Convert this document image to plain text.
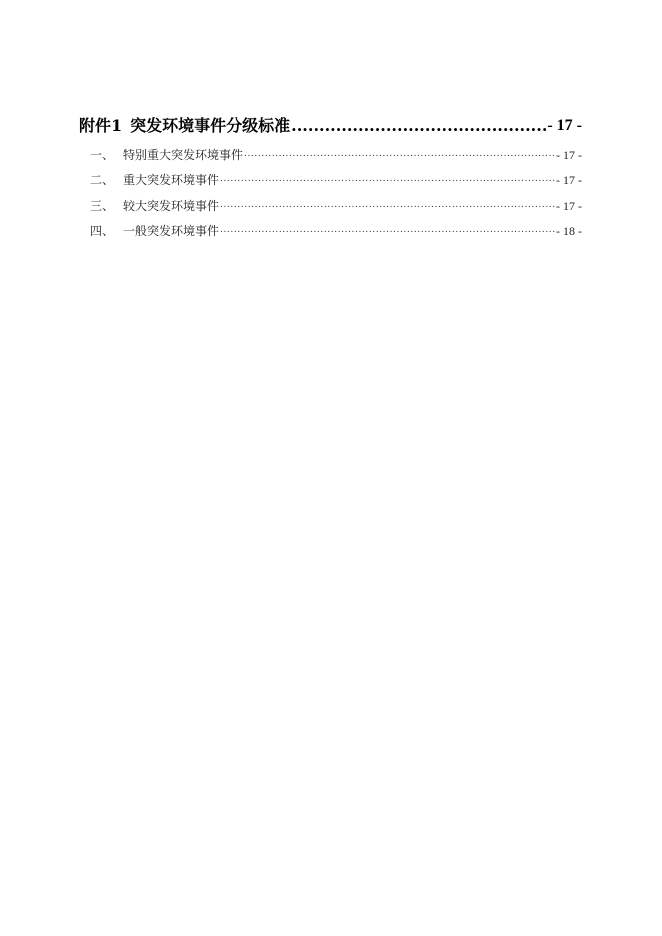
附件1 突发环境事件分级标准 .....	- 17 -
一、 特别重大突发环境事件 .....	- 17 -
二、 重大突发环境事件 .....	- 17 -
三、 较大突发环境事件 .....	- 17 -
四、 一般突发环境事件 .....	- 18 -
